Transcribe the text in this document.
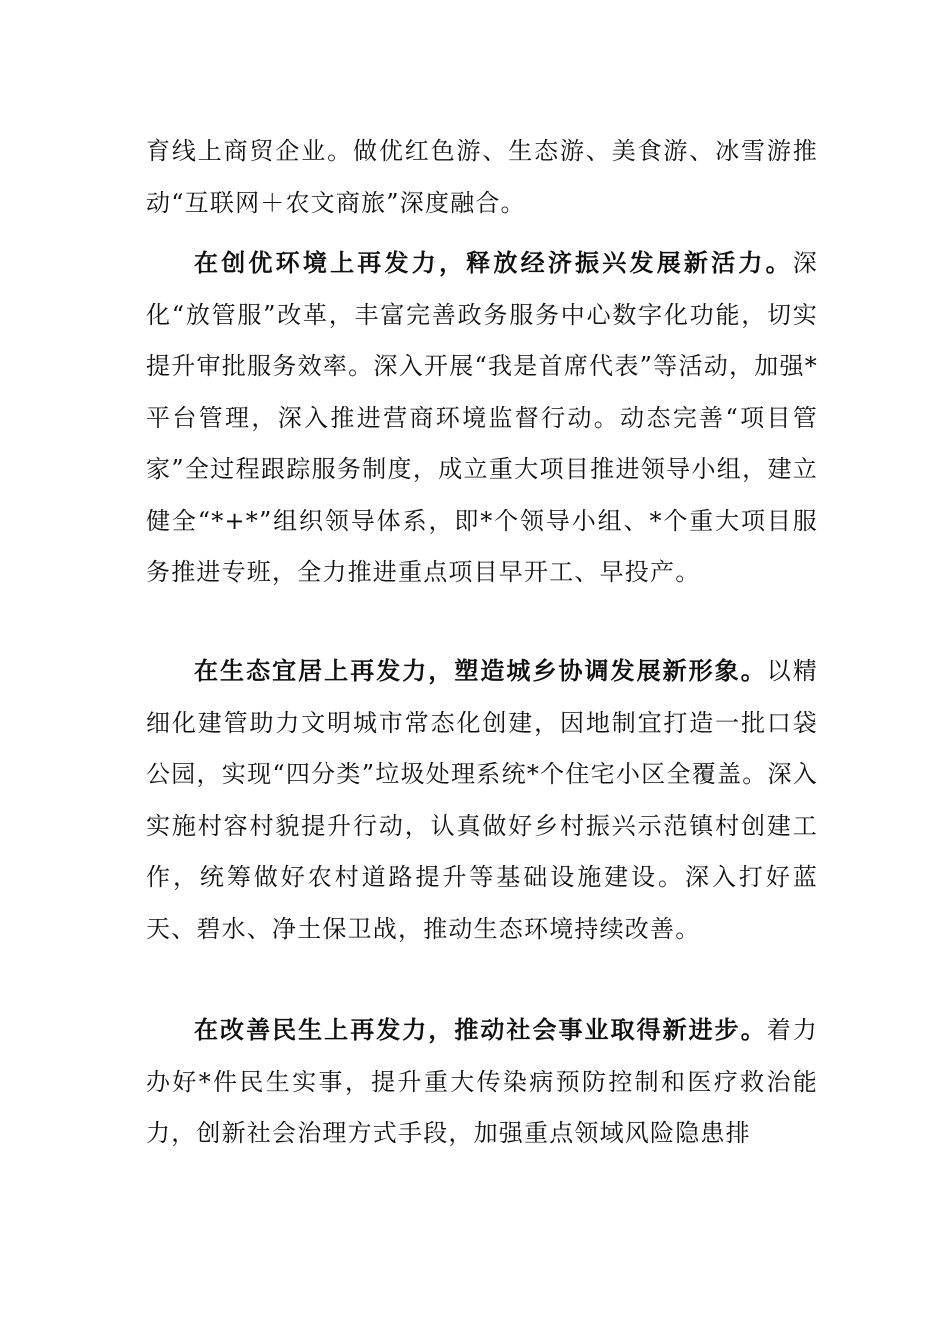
育线上商贸企业。做优红色游、生态游、美食游、冰雪游推动“互联网＋农文商旅”深度融合。

在创优环境上再发力，释放经济振兴发展新活力。深化“放管服”改革，丰富完善政务服务中心数字化功能，切实提升审批服务效率。深入开展“我是首席代表”等活动，加强*平台管理，深入推进营商环境监督行动。动态完善“项目管家”全过程跟踪服务制度，成立重大项目推进领导小组，建立健全“*+*”组织领导体系，即*个领导小组、*个重大项目服务推进专班，全力推进重点项目早开工、早投产。

在生态宜居上再发力，塑造城乡协调发展新形象。以精细化建管助力文明城市常态化创建，因地制宜打造一批口袋公园，实现“四分类”垃圾处理系统*个住宅小区全覆盖。深入实施村容村貌提升行动，认真做好乡村振兴示范镇村创建工作，统筹做好农村道路提升等基础设施建设。深入打好蓝天、碧水、净土保卫战，推动生态环境持续改善。

在改善民生上再发力，推动社会事业取得新进步。着力办好*件民生实事，提升重大传染病预防控制和医疗救治能力，创新社会治理方式手段，加强重点领域风险隐患排
